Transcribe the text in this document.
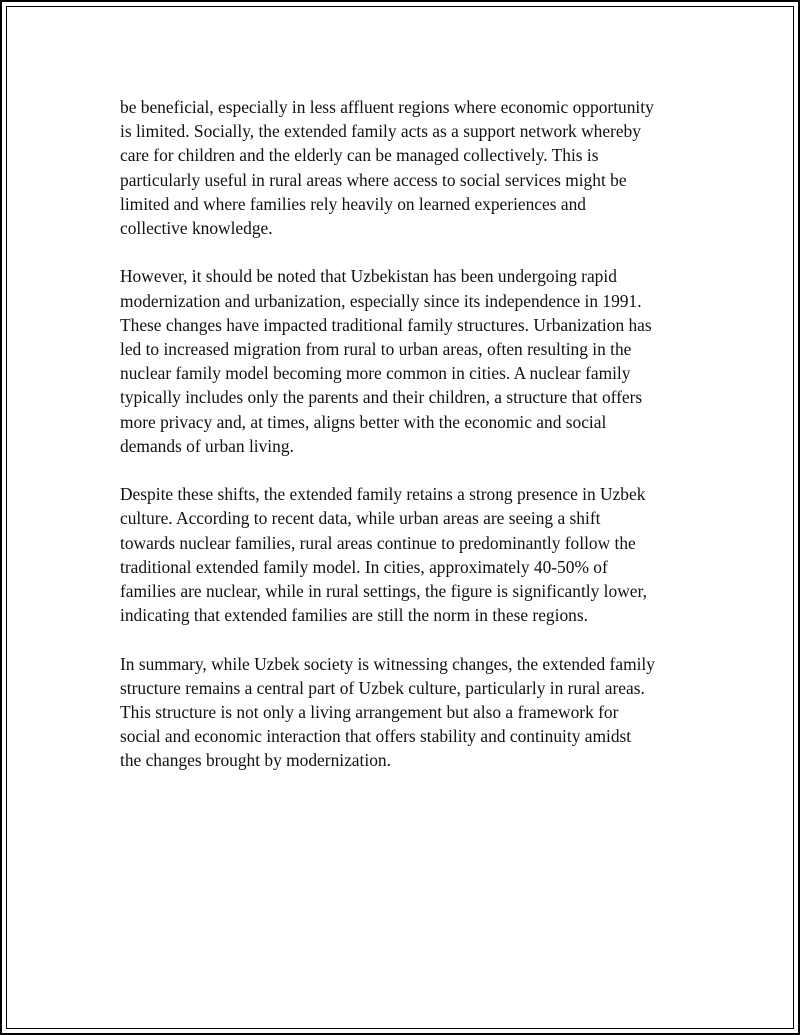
be beneficial, especially in less affluent regions where economic opportunity
is limited. Socially, the extended family acts as a support network whereby
care for children and the elderly can be managed collectively. This is
particularly useful in rural areas where access to social services might be
limited and where families rely heavily on learned experiences and
collective knowledge.

However, it should be noted that Uzbekistan has been undergoing rapid
modernization and urbanization, especially since its independence in 1991.
These changes have impacted traditional family structures. Urbanization has
led to increased migration from rural to urban areas, often resulting in the
nuclear family model becoming more common in cities. A nuclear family
typically includes only the parents and their children, a structure that offers
more privacy and, at times, aligns better with the economic and social
demands of urban living.

Despite these shifts, the extended family retains a strong presence in Uzbek
culture. According to recent data, while urban areas are seeing a shift
towards nuclear families, rural areas continue to predominantly follow the
traditional extended family model. In cities, approximately 40-50% of
families are nuclear, while in rural settings, the figure is significantly lower,
indicating that extended families are still the norm in these regions.

In summary, while Uzbek society is witnessing changes, the extended family
structure remains a central part of Uzbek culture, particularly in rural areas.
This structure is not only a living arrangement but also a framework for
social and economic interaction that offers stability and continuity amidst
the changes brought by modernization.
